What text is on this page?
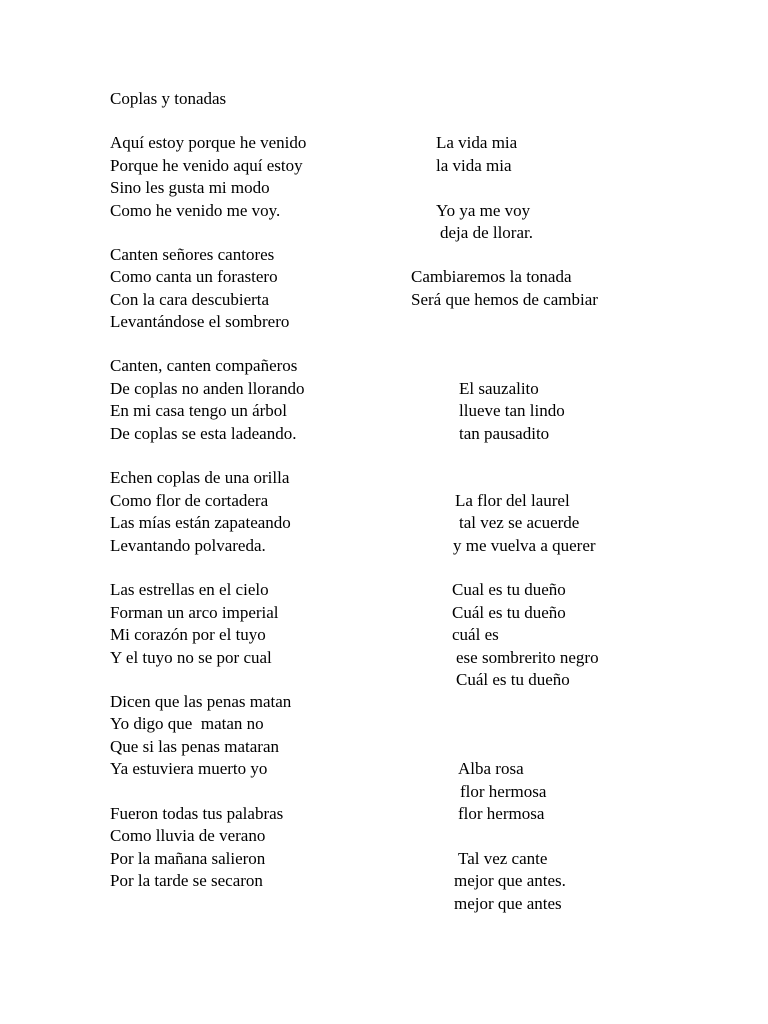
Coplas y tonadas
Aquí estoy porque he venido
Porque he venido aquí estoy
Sino les gusta mi modo
Como he venido me voy.
Canten señores cantores
Como canta un forastero
Con la cara descubierta
Levantándose el sombrero
Canten, canten compañeros
De coplas no anden llorando
En mi casa tengo un árbol
De coplas se esta ladeando.
Echen coplas de una orilla
Como flor de cortadera
Las mías están zapateando
Levantando polvareda.
Las estrellas en el cielo
Forman un arco imperial
Mi corazón por el tuyo
Y el tuyo no se por cual
Dicen que las penas matan
Yo digo que  matan no
Que si las penas mataran
Ya estuviera muerto yo
Fueron todas tus palabras
Como lluvia de verano
Por la mañana salieron
Por la tarde se secaron
La vida mia
la vida mia
Yo ya me voy
deja de llorar.
Cambiaremos la tonada
Será que hemos de cambiar
El sauzalito
llueve tan lindo
tan pausadito
La flor del laurel
tal vez se acuerde
y me vuelva a querer
Cual es tu dueño
Cuál es tu dueño
cuál es
ese sombrerito negro
Cuál es tu dueño
Alba rosa
flor hermosa
flor hermosa
Tal vez cante
mejor que antes.
mejor que antes
